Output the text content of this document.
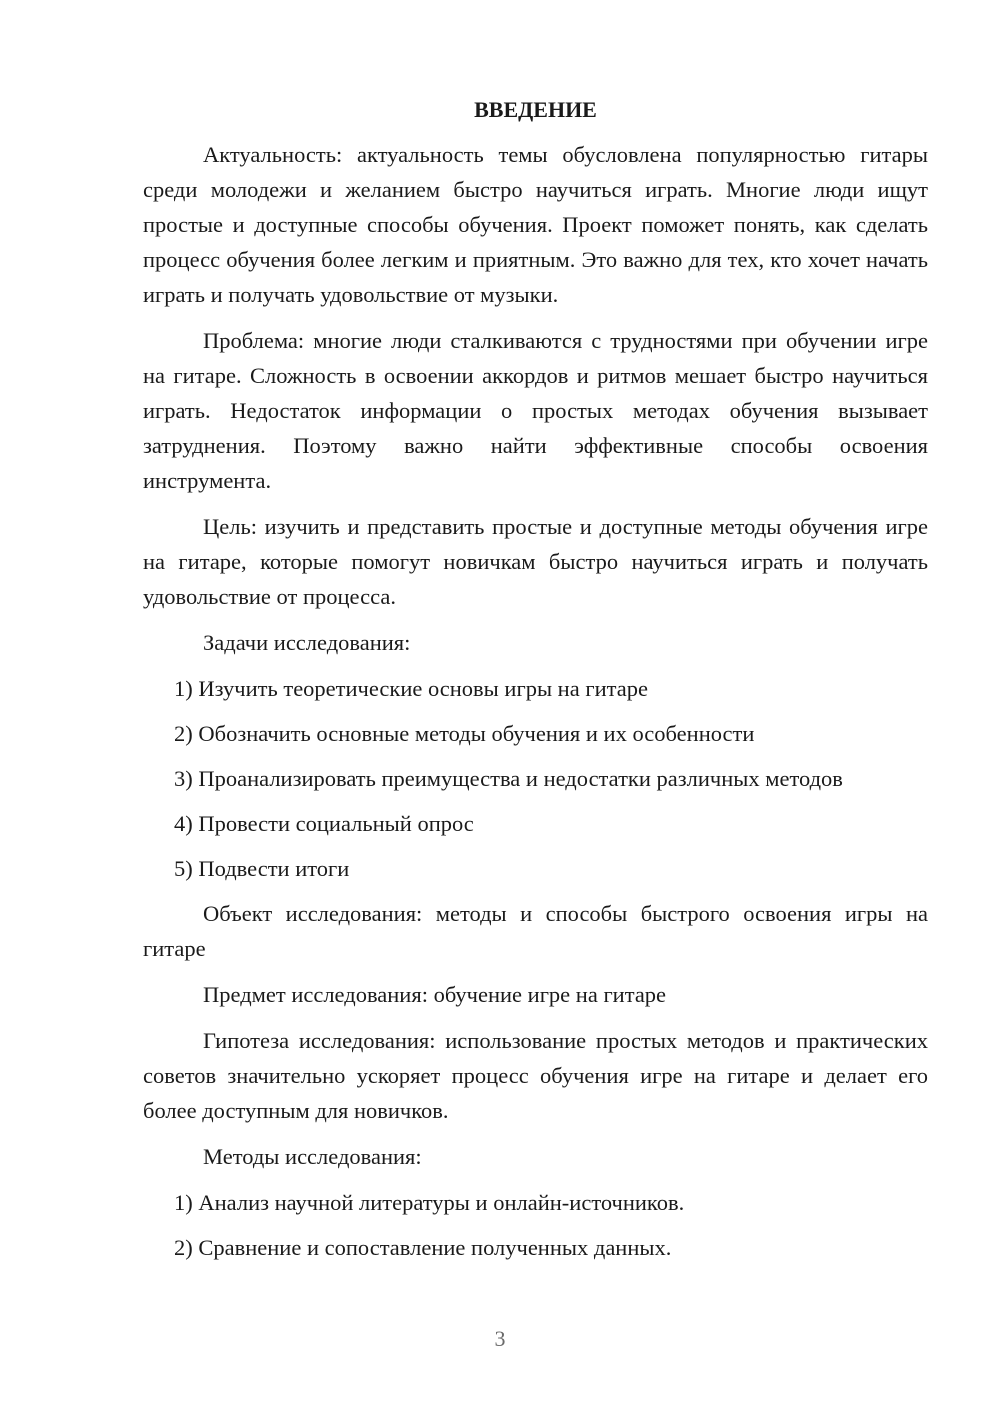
ВВЕДЕНИЕ

Актуальность: актуальность темы обусловлена популярностью гитары среди молодежи и желанием быстро научиться играть. Многие люди ищут простые и доступные способы обучения. Проект поможет понять, как сделать процесс обучения более легким и приятным. Это важно для тех, кто хочет начать играть и получать удовольствие от музыки.

Проблема: многие люди сталкиваются с трудностями при обучении игре на гитаре. Сложность в освоении аккордов и ритмов мешает быстро научиться играть. Недостаток информации о простых методах обучения вызывает затруднения. Поэтому важно найти эффективные способы освоения инструмента.

Цель: изучить и представить простые и доступные методы обучения игре на гитаре, которые помогут новичкам быстро научиться играть и получать удовольствие от процесса.

Задачи исследования:

1) Изучить теоретические основы игры на гитаре
2) Обозначить основные методы обучения и их особенности
3) Проанализировать преимущества и недостатки различных методов
4) Провести социальный опрос
5) Подвести итоги

Объект исследования: методы и способы быстрого освоения игры на гитаре

Предмет исследования: обучение игре на гитаре

Гипотеза исследования: использование простых методов и практических советов значительно ускоряет процесс обучения игре на гитаре и делает его более доступным для новичков.

Методы исследования:

1) Анализ научной литературы и онлайн-источников.
2) Сравнение и сопоставление полученных данных.
3
